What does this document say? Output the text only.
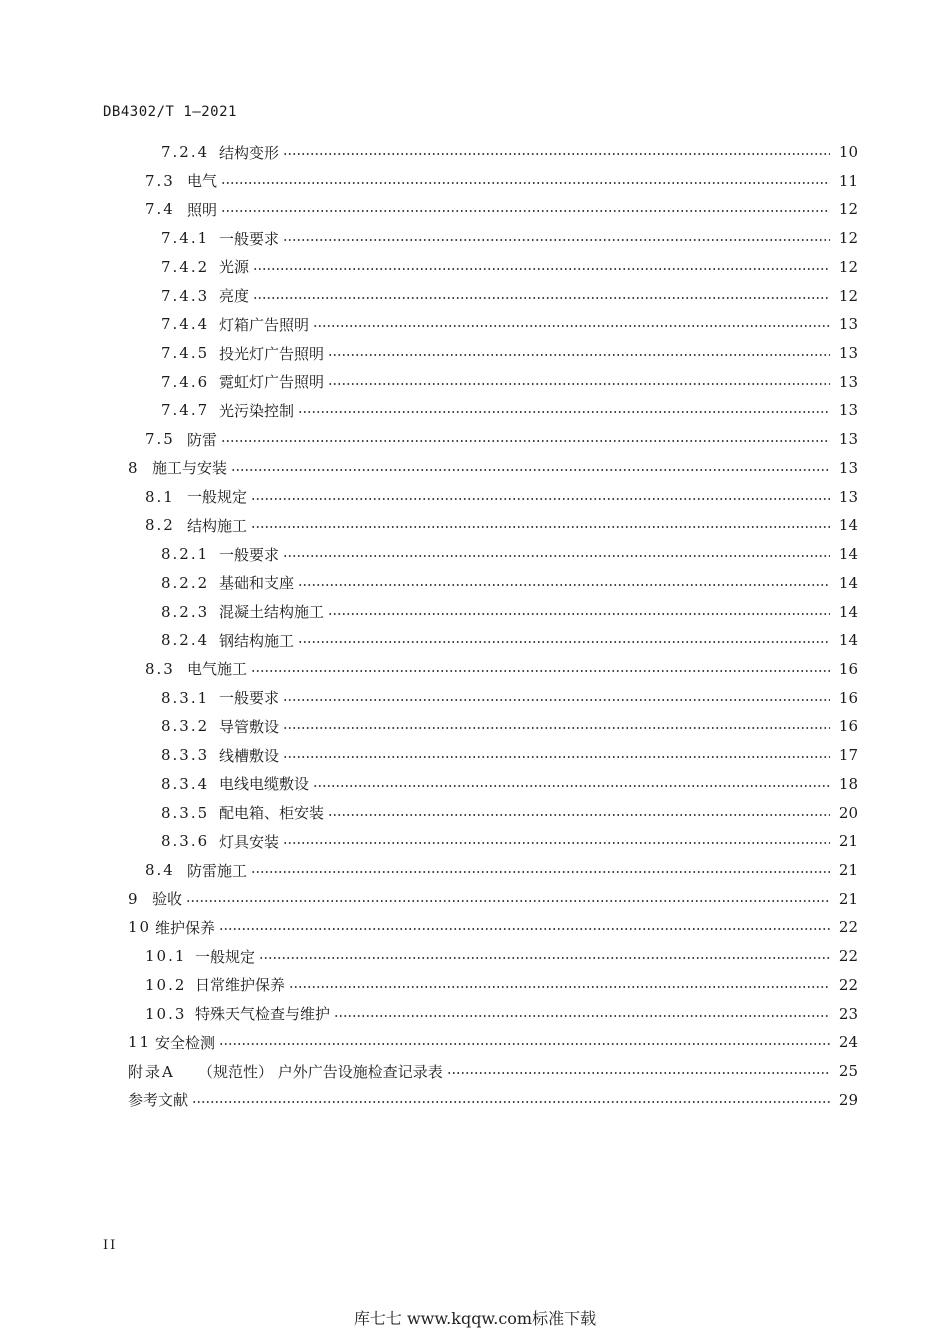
DB4302/T 1—2021
7.2.4 结构变形	10
7.3 电气	11
7.4 照明	12
7.4.1 一般要求	12
7.4.2 光源	12
7.4.3 亮度	12
7.4.4 灯箱广告照明	13
7.4.5 投光灯广告照明	13
7.4.6 霓虹灯广告照明	13
7.4.7 光污染控制	13
7.5 防雷	13
8 施工与安装	13
8.1 一般规定	13
8.2 结构施工	14
8.2.1 一般要求	14
8.2.2 基础和支座	14
8.2.3 混凝土结构施工	14
8.2.4 钢结构施工	14
8.3 电气施工	16
8.3.1 一般要求	16
8.3.2 导管敷设	16
8.3.3 线槽敷设	17
8.3.4 电线电缆敷设	18
8.3.5 配电箱、柜安装	20
8.3.6 灯具安装	21
8.4 防雷施工	21
9 验收	21
10 维护保养	22
10.1 一般规定	22
10.2 日常维护保养	22
10.3 特殊天气检查与维护	23
11 安全检测	24
附录A	（规范性） 户外广告设施检查记录表	25
参考文献	29
II
库七七 www.kqqw.com标准下载
